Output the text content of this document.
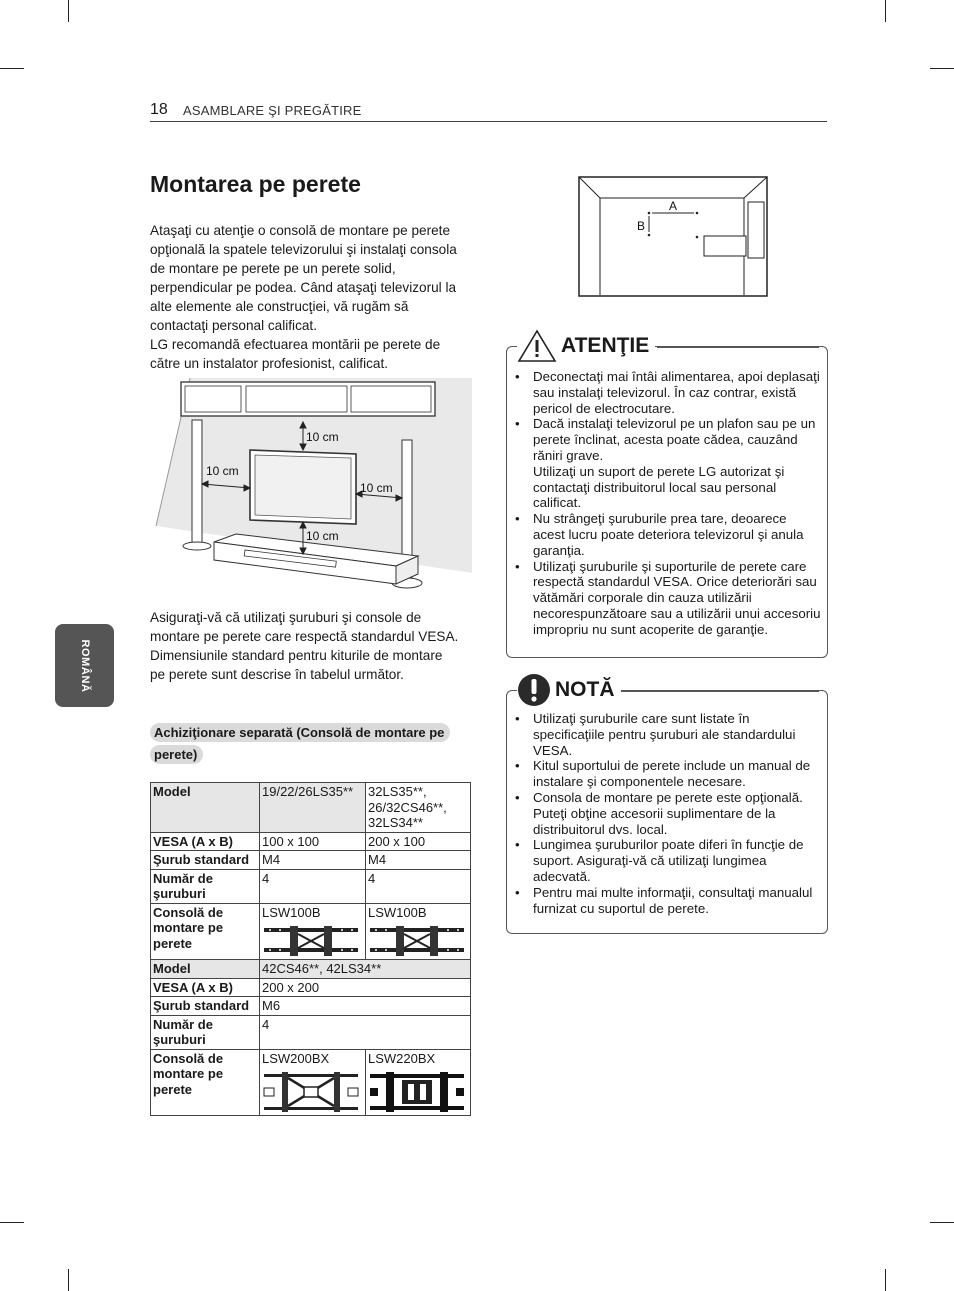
18 ASAMBLARE ŞI PREGĂTIRE
ROMÂNĂ
Montarea pe perete
Ataşaţi cu atenţie o consolă de montare pe perete opţională la spatele televizorului şi instalaţi consola de montare pe perete pe un perete solid, perpendicular pe podea. Când ataşaţi televizorul la alte elemente ale construcţiei, vă rugăm să contactaţi personal calificat.
LG recomandă efectuarea montării pe perete de către un instalator profesionist, calificat.
10 cm
10 cm
10 cm
10 cm
Asiguraţi-vă că utilizaţi şuruburi şi console de montare pe perete care respectă standardul VESA. Dimensiunile standard pentru kiturile de montare pe perete sunt descrise în tabelul următor.
Achiziţionare separată (Consolă de montare pe perete)
Model	19/22/26LS35**	32LS35**, 26/32CS46**, 32LS34**
VESA (A x B)	100 x 100	200 x 100
Şurub standard	M4	M4
Număr de şuruburi	4	4
Consolă de montare pe perete	LSW100B	LSW100B

Model	42CS46**, 42LS34**	
VESA (A x B)	200 x 200	
Şurub standard	M6	
Număr de şuruburi	4	
Consolă de montare pe perete	LSW200BX	LSW220BX
A
B
ATENŢIE
• Deconectaţi mai întâi alimentarea, apoi deplasaţi sau instalaţi televizorul. În caz contrar, există pericol de electrocutare.
• Dacă instalaţi televizorul pe un plafon sau pe un perete înclinat, acesta poate cădea, cauzând răniri grave.
Utilizaţi un suport de perete LG autorizat şi contactaţi distribuitorul local sau personal calificat.
• Nu strângeţi şuruburile prea tare, deoarece acest lucru poate deteriora televizorul şi anula garanţia.
• Utilizaţi şuruburile şi suporturile de perete care respectă standardul VESA. Orice deteriorări sau vătămări corporale din cauza utilizării necorespunzătoare sau a utilizării unui accesoriu impropriu nu sunt acoperite de garanţie.
NOTĂ
• Utilizaţi şuruburile care sunt listate în specificaţiile pentru şuruburi ale standardului VESA.
• Kitul suportului de perete include un manual de instalare şi componentele necesare.
• Consola de montare pe perete este opţională. Puteţi obţine accesorii suplimentare de la distribuitorul dvs. local.
• Lungimea şuruburilor poate diferi în funcţie de suport. Asiguraţi-vă că utilizaţi lungimea adecvată.
• Pentru mai multe informaţii, consultaţi manualul furnizat cu suportul de perete.
